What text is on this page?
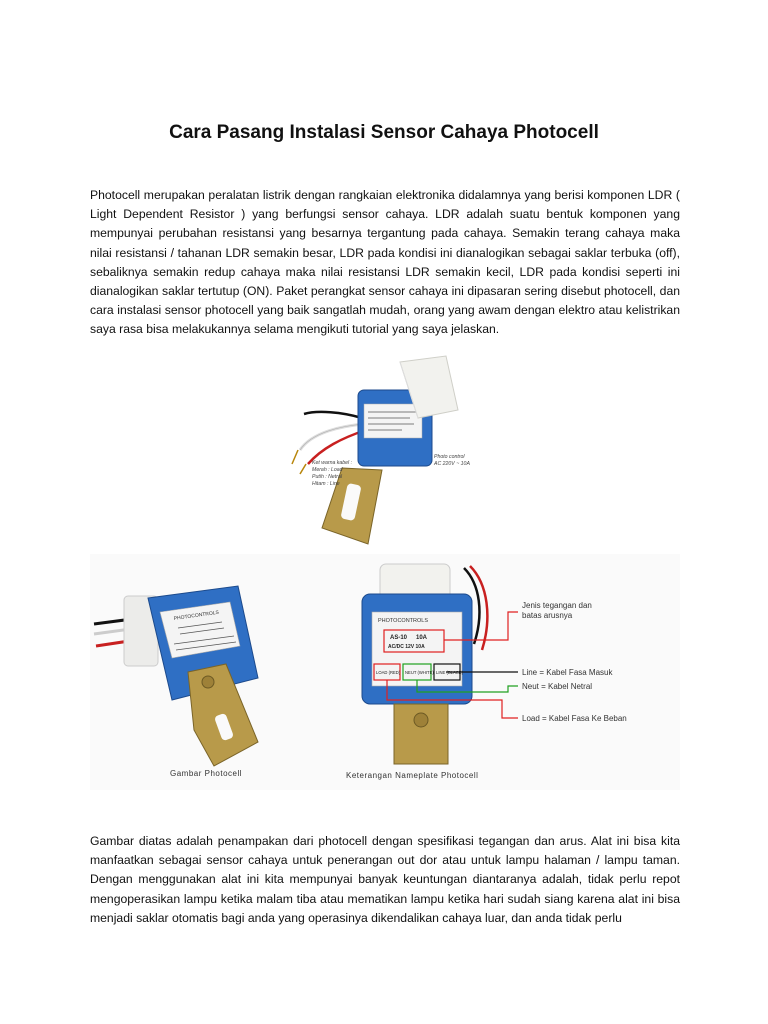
Cara Pasang Instalasi Sensor Cahaya Photocell

Photocell merupakan peralatan listrik dengan rangkaian elektronika didalamnya yang berisi komponen LDR ( Light Dependent Resistor ) yang berfungsi sensor cahaya. LDR adalah suatu bentuk komponen yang mempunyai perubahan resistansi yang besarnya tergantung pada cahaya. Semakin terang cahaya maka nilai resistansi / tahanan LDR semakin besar, LDR pada kondisi ini dianalogikan sebagai saklar terbuka (off), sebaliknya semakin redup cahaya maka nilai resistansi LDR semakin kecil, LDR pada kondisi seperti ini dianalogikan saklar tertutup (ON). Paket perangkat sensor cahaya ini dipasaran sering disebut photocell, dan cara instalasi sensor photocell yang baik sangatlah mudah, orang yang awam dengan elektro atau kelistrikan saya rasa bisa melakukannya selama mengikuti tutorial yang saya jelaskan.

Ket warna kabel :
Merah : Load
Putih : Netral
Hitam : Line
Photo control
AC 220V ~ 10A
PHOTOCONTROLS
Gambar Photocell
PHOTOCONTROLS
AS-10 10A
AC/DC 12V 10A
LOAD (RED) NEUT (WHITE) LINE (BLACK)
Jenis tegangan dan
batas arusnya
Line = Kabel Fasa Masuk
Neut = Kabel Netral
Load = Kabel Fasa Ke Beban
Keterangan Nameplate Photocell

Gambar diatas adalah penampakan dari photocell dengan spesifikasi tegangan dan arus. Alat ini bisa kita manfaatkan sebagai sensor cahaya untuk penerangan out dor atau untuk lampu halaman / lampu taman. Dengan menggunakan alat ini kita mempunyai banyak keuntungan diantaranya adalah, tidak perlu repot mengoperasikan lampu ketika malam tiba atau mematikan lampu ketika hari sudah siang karena alat ini bisa menjadi saklar otomatis bagi anda yang operasinya dikendalikan cahaya luar, dan anda tidak perlu
